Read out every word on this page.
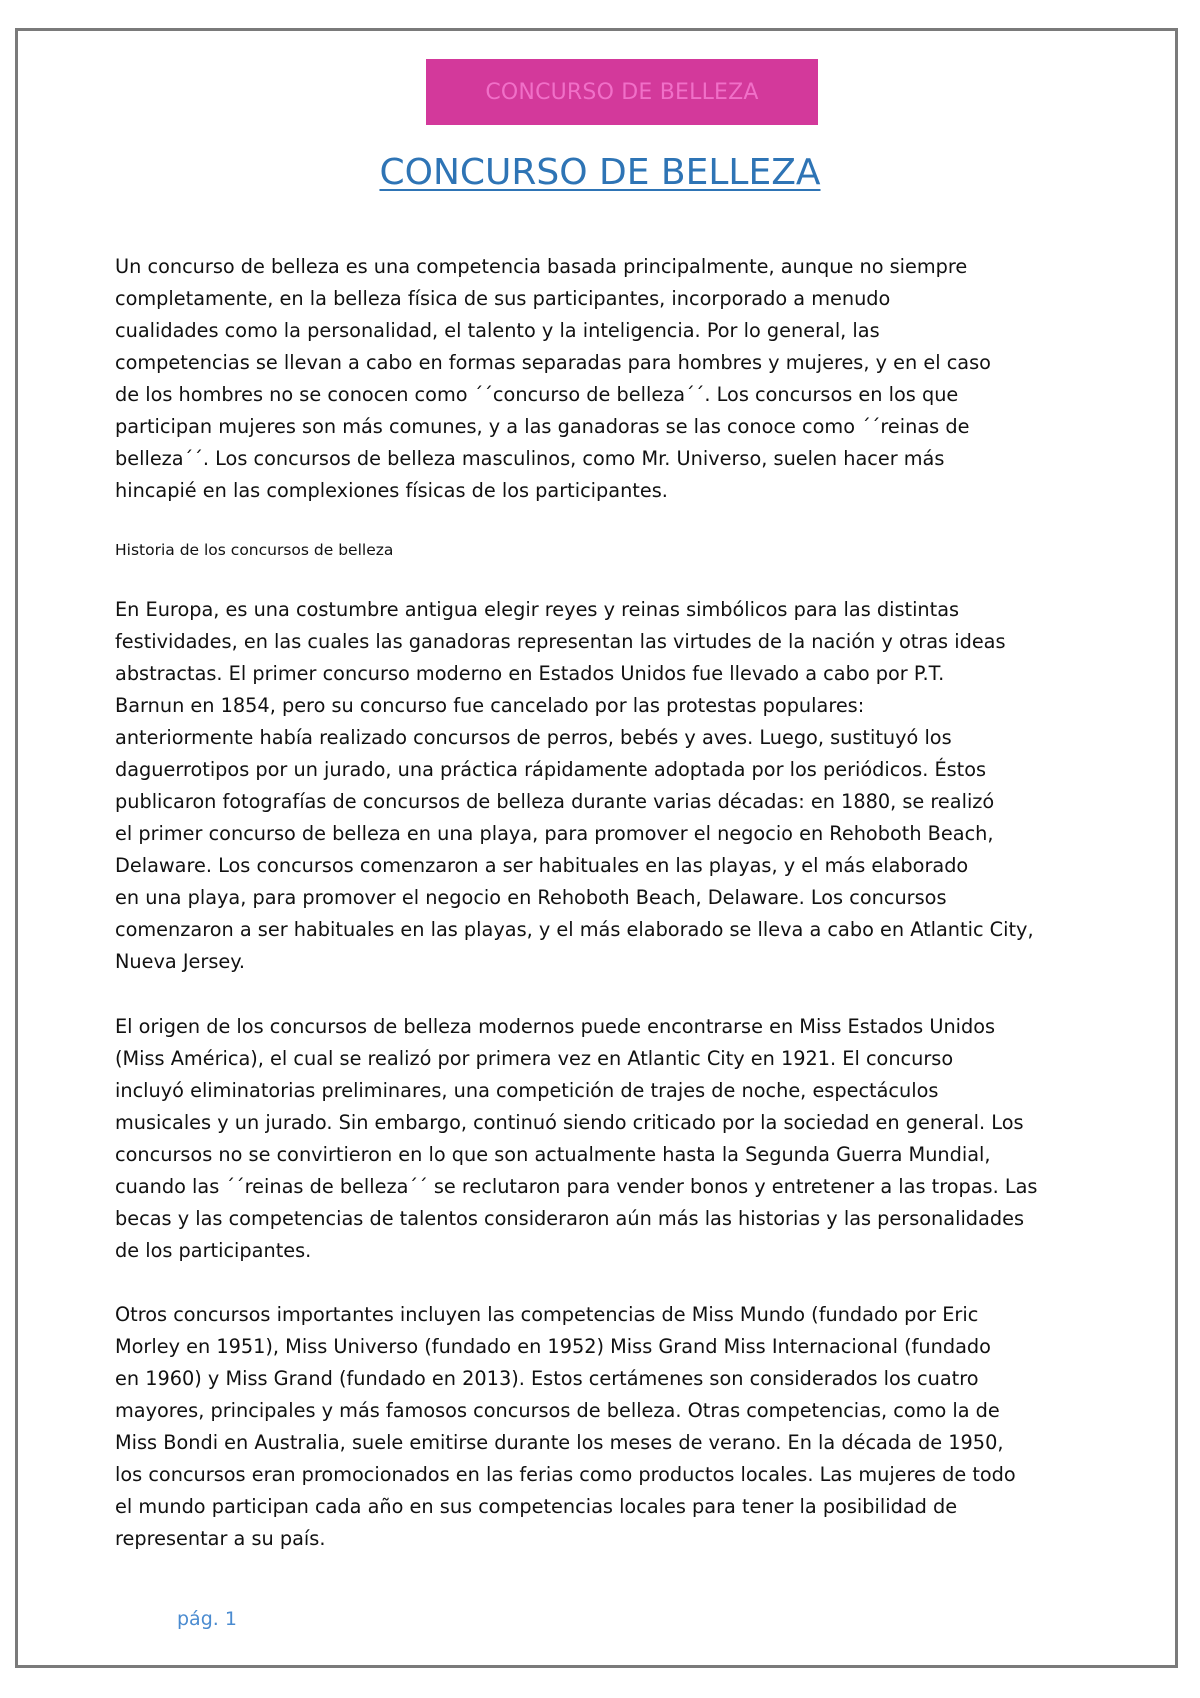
CONCURSO DE BELLEZA
CONCURSO DE BELLEZA

Un concurso de belleza es una competencia basada principalmente, aunque no siempre
completamente, en la belleza física de sus participantes, incorporado a menudo
cualidades como la personalidad, el talento y la inteligencia. Por lo general, las
competencias se llevan a cabo en formas separadas para hombres y mujeres, y en el caso
de los hombres no se conocen como ´´concurso de belleza´´. Los concursos en los que
participan mujeres son más comunes, y a las ganadoras se las conoce como ´´reinas de
belleza´´. Los concursos de belleza masculinos, como Mr. Universo, suelen hacer más
hincapié en las complexiones físicas de los participantes.

Historia de los concursos de belleza

En Europa, es una costumbre antigua elegir reyes y reinas simbólicos para las distintas
festividades, en las cuales las ganadoras representan las virtudes de la nación y otras ideas
abstractas. El primer concurso moderno en Estados Unidos fue llevado a cabo por P.T.
Barnun en 1854, pero su concurso fue cancelado por las protestas populares:
anteriormente había realizado concursos de perros, bebés y aves. Luego, sustituyó los
daguerrotipos por un jurado, una práctica rápidamente adoptada por los periódicos. Éstos
publicaron fotografías de concursos de belleza durante varias décadas: en 1880, se realizó
el primer concurso de belleza en una playa, para promover el negocio en Rehoboth Beach,
Delaware. Los concursos comenzaron a ser habituales en las playas, y el más elaborado
en una playa, para promover el negocio en Rehoboth Beach, Delaware. Los concursos
comenzaron a ser habituales en las playas, y el más elaborado se lleva a cabo en Atlantic City,
Nueva Jersey.

El origen de los concursos de belleza modernos puede encontrarse en Miss Estados Unidos
(Miss América), el cual se realizó por primera vez en Atlantic City en 1921. El concurso
incluyó eliminatorias preliminares, una competición de trajes de noche, espectáculos
musicales y un jurado. Sin embargo, continuó siendo criticado por la sociedad en general. Los
concursos no se convirtieron en lo que son actualmente hasta la Segunda Guerra Mundial,
cuando las ´´reinas de belleza´´ se reclutaron para vender bonos y entretener a las tropas. Las
becas y las competencias de talentos consideraron aún más las historias y las personalidades
de los participantes.

Otros concursos importantes incluyen las competencias de Miss Mundo (fundado por Eric
Morley en 1951), Miss Universo (fundado en 1952) Miss Grand Miss Internacional (fundado
en 1960) y Miss Grand (fundado en 2013). Estos certámenes son considerados los cuatro
mayores, principales y más famosos concursos de belleza. Otras competencias, como la de
Miss Bondi en Australia, suele emitirse durante los meses de verano. En la década de 1950,
los concursos eran promocionados en las ferias como productos locales. Las mujeres de todo
el mundo participan cada año en sus competencias locales para tener la posibilidad de
representar a su país.

pág. 1
